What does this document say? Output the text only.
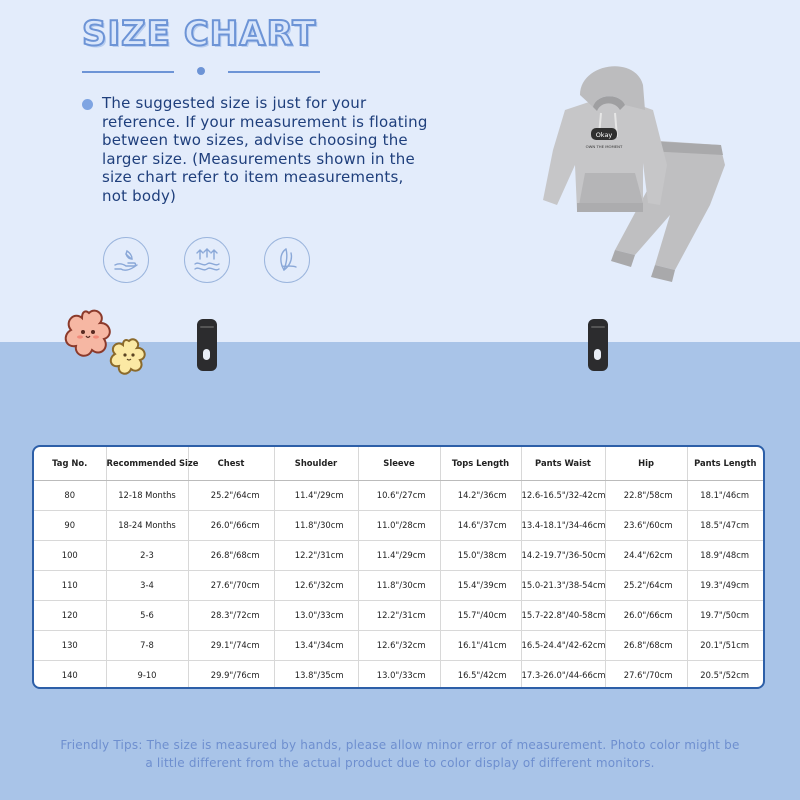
SIZE CHART
The suggested size is just for your reference. If your measurement is floating between two sizes, advise choosing the larger size. (Measurements shown in the size chart refer to item measurements, not body)
Okay
OWN THE MOMENT
Tag No.	Recommended Size	Chest	Shoulder	Sleeve	Tops Length	Pants Waist	Hip	Pants Length
80	12-18 Months	25.2"/64cm	11.4"/29cm	10.6"/27cm	14.2"/36cm	12.6-16.5"/32-42cm	22.8"/58cm	18.1"/46cm
90	18-24 Months	26.0"/66cm	11.8"/30cm	11.0"/28cm	14.6"/37cm	13.4-18.1"/34-46cm	23.6"/60cm	18.5"/47cm
100	2-3	26.8"/68cm	12.2"/31cm	11.4"/29cm	15.0"/38cm	14.2-19.7"/36-50cm	24.4"/62cm	18.9"/48cm
110	3-4	27.6"/70cm	12.6"/32cm	11.8"/30cm	15.4"/39cm	15.0-21.3"/38-54cm	25.2"/64cm	19.3"/49cm
120	5-6	28.3"/72cm	13.0"/33cm	12.2"/31cm	15.7"/40cm	15.7-22.8"/40-58cm	26.0"/66cm	19.7"/50cm
130	7-8	29.1"/74cm	13.4"/34cm	12.6"/32cm	16.1"/41cm	16.5-24.4"/42-62cm	26.8"/68cm	20.1"/51cm
140	9-10	29.9"/76cm	13.8"/35cm	13.0"/33cm	16.5"/42cm	17.3-26.0"/44-66cm	27.6"/70cm	20.5"/52cm
Friendly Tips: The size is measured by hands, please allow minor error of measurement. Photo color might be a little different from the actual product due to color display of different monitors.
